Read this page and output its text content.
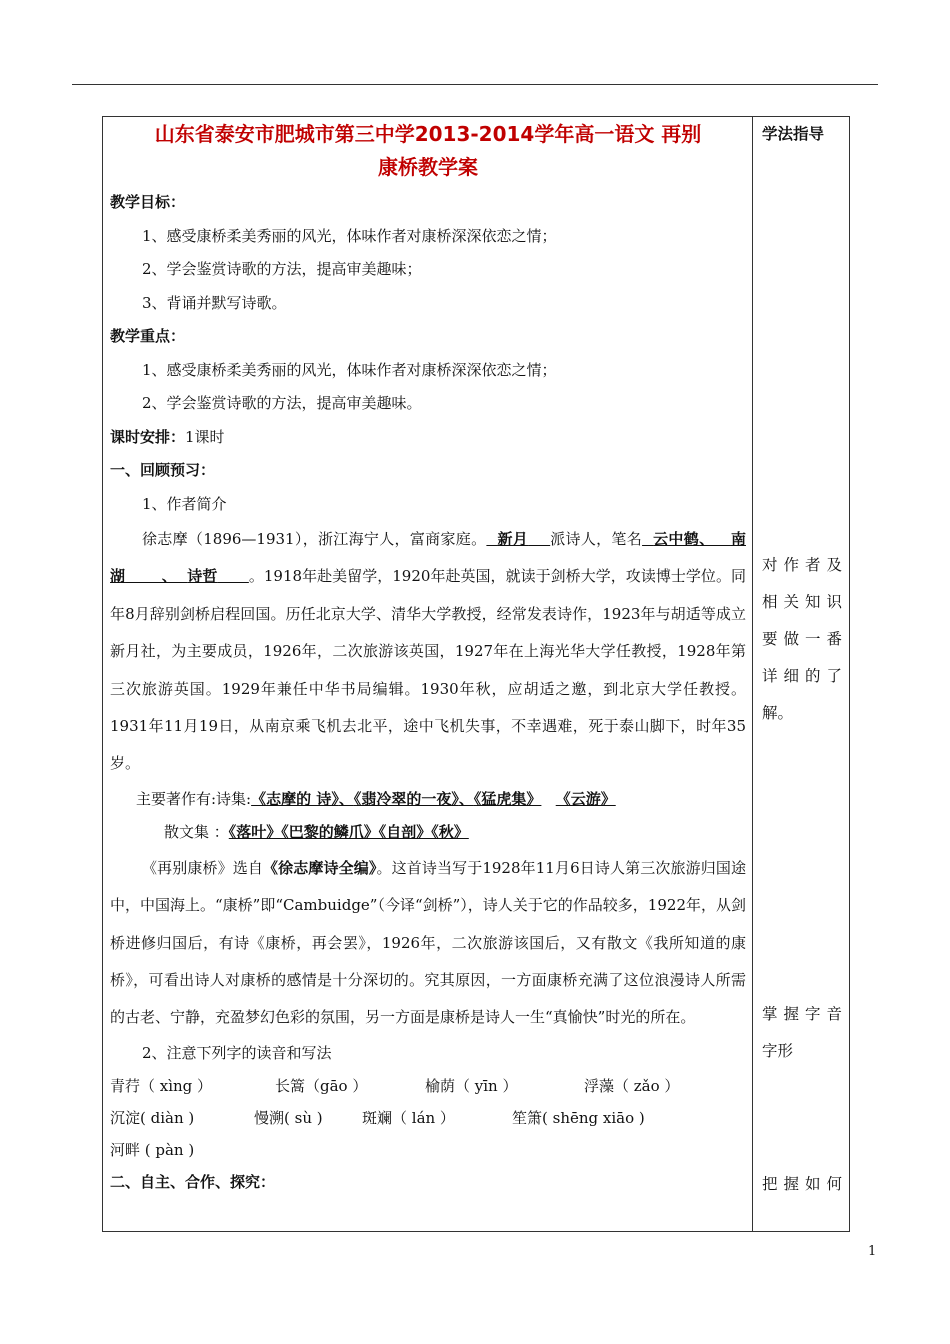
学法指导
对作者及
相关知识
要做一番
详细的了
解。
掌握字音
字形
把握如何
山东省泰安市肥城市第三中学2013-2014学年高一语文 再别
康桥教学案
教学目标：
1、感受康桥柔美秀丽的风光，体味作者对康桥深深依恋之情；
2、学会鉴赏诗歌的方法，提高审美趣味；
3、背诵并默写诗歌。
教学重点：
1、感受康桥柔美秀丽的风光，体味作者对康桥深深依恋之情；
2、学会鉴赏诗歌的方法，提高审美趣味。
课时安排：1课时
一、回顾预习：
1、作者简介
徐志摩（1896—1931），浙江海宁人，富商家庭。 新月 派诗人，笔名 云中鹤、   南湖       、  诗哲 。1918年赴美留学，1920年赴英国，就读于剑桥大学，攻读博士学位。同年8月辞别剑桥启程回国。历任北京大学、清华大学教授，经常发表诗作，1923年与胡适等成立新月社，为主要成员，1926年，二次旅游该英国，1927年在上海光华大学任教授，1928年第三次旅游英国。1929年兼任中华书局编辑。1930年秋，应胡适之邀，到北京大学任教授。1931年11月19日，从南京乘飞机去北平，途中飞机失事，不幸遇难，死于泰山脚下，时年35岁。
主要著作有:诗集:《志摩的 诗》、《翡冷翠的一夜》、《猛虎集》 《云游》
散文集 ：《落叶》《巴黎的鳞爪》《自剖》《秋》
《再别康桥》选自《徐志摩诗全编》。这首诗当写于1928年11月6日诗人第三次旅游归国途中，中国海上。“康桥”即“Cambuidge”（今译“剑桥”），诗人关于它的作品较多，1922年，从剑桥进修归国后，有诗《康桥，再会罢》，1926年，二次旅游该国后，又有散文《我所知道的康桥》，可看出诗人对康桥的感情是十分深切的。究其原因，一方面康桥充满了这位浪漫诗人所需的古老、宁静，充盈梦幻色彩的氛围，另一方面是康桥是诗人一生“真愉快”时光的所在。
2、注意下列字的读音和写法
青荇（ xìng ）	长篙（gāo ）	榆荫（ yīn ）	浮藻（ zǎo ）
沉淀( diàn )	慢溯( sù )	斑斓（ lán ）	笙箫( shēng xiāo )
河畔 ( pàn )
二、自主、合作、探究：
1
